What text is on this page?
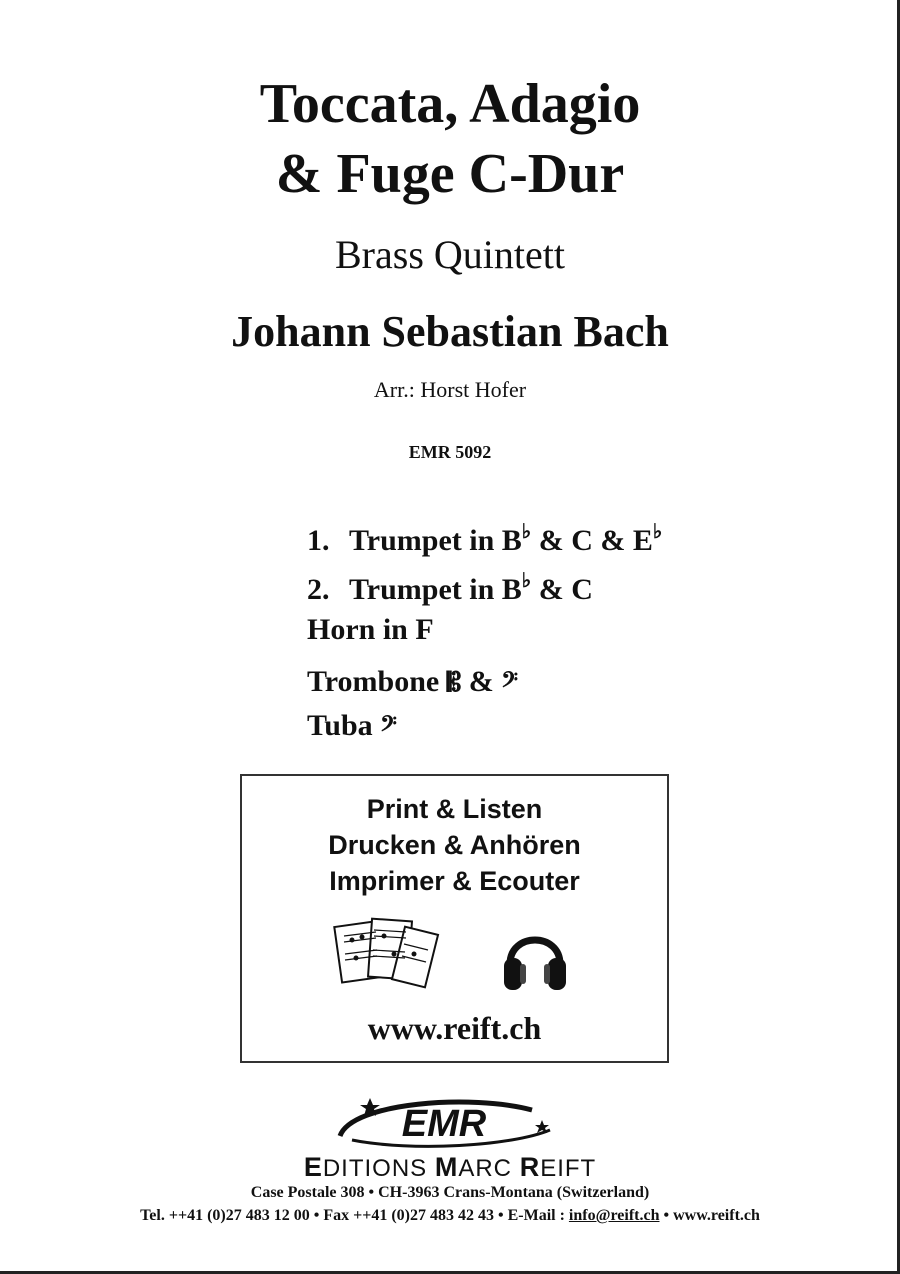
Toccata, Adagio
& Fuge C-Dur
Brass Quintett
Johann Sebastian Bach
Arr.: Horst Hofer
EMR 5092
1. Trumpet in B♭ & C & E♭
2. Trumpet in B♭ & C
Horn in F
Trombone 𝄡 & 𝄢
Tuba 𝄢
Print & Listen
Drucken & Anhören
Imprimer & Ecouter
www.reift.ch
EMR
EDITIONS MARC REIFT
Case Postale 308 • CH-3963 Crans-Montana (Switzerland)
Tel. ++41 (0)27 483 12 00 • Fax ++41 (0)27 483 42 43 • E-Mail : info@reift.ch • www.reift.ch
